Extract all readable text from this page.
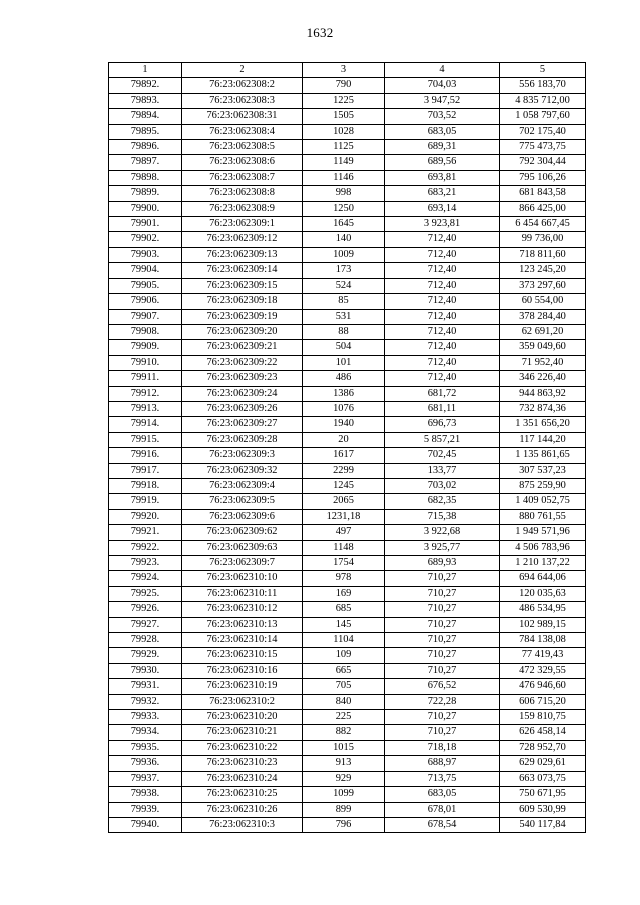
1632
1	2	3	4	5
79892.	76:23:062308:2	790	704,03	556 183,70
79893.	76:23:062308:3	1225	3 947,52	4 835 712,00
79894.	76:23:062308:31	1505	703,52	1 058 797,60
79895.	76:23:062308:4	1028	683,05	702 175,40
79896.	76:23:062308:5	1125	689,31	775 473,75
79897.	76:23:062308:6	1149	689,56	792 304,44
79898.	76:23:062308:7	1146	693,81	795 106,26
79899.	76:23:062308:8	998	683,21	681 843,58
79900.	76:23:062308:9	1250	693,14	866 425,00
79901.	76:23:062309:1	1645	3 923,81	6 454 667,45
79902.	76:23:062309:12	140	712,40	99 736,00
79903.	76:23:062309:13	1009	712,40	718 811,60
79904.	76:23:062309:14	173	712,40	123 245,20
79905.	76:23:062309:15	524	712,40	373 297,60
79906.	76:23:062309:18	85	712,40	60 554,00
79907.	76:23:062309:19	531	712,40	378 284,40
79908.	76:23:062309:20	88	712,40	62 691,20
79909.	76:23:062309:21	504	712,40	359 049,60
79910.	76:23:062309:22	101	712,40	71 952,40
79911.	76:23:062309:23	486	712,40	346 226,40
79912.	76:23:062309:24	1386	681,72	944 863,92
79913.	76:23:062309:26	1076	681,11	732 874,36
79914.	76:23:062309:27	1940	696,73	1 351 656,20
79915.	76:23:062309:28	20	5 857,21	117 144,20
79916.	76:23:062309:3	1617	702,45	1 135 861,65
79917.	76:23:062309:32	2299	133,77	307 537,23
79918.	76:23:062309:4	1245	703,02	875 259,90
79919.	76:23:062309:5	2065	682,35	1 409 052,75
79920.	76:23:062309:6	1231,18	715,38	880 761,55
79921.	76:23:062309:62	497	3 922,68	1 949 571,96
79922.	76:23:062309:63	1148	3 925,77	4 506 783,96
79923.	76:23:062309:7	1754	689,93	1 210 137,22
79924.	76:23:062310:10	978	710,27	694 644,06
79925.	76:23:062310:11	169	710,27	120 035,63
79926.	76:23:062310:12	685	710,27	486 534,95
79927.	76:23:062310:13	145	710,27	102 989,15
79928.	76:23:062310:14	1104	710,27	784 138,08
79929.	76:23:062310:15	109	710,27	77 419,43
79930.	76:23:062310:16	665	710,27	472 329,55
79931.	76:23:062310:19	705	676,52	476 946,60
79932.	76:23:062310:2	840	722,28	606 715,20
79933.	76:23:062310:20	225	710,27	159 810,75
79934.	76:23:062310:21	882	710,27	626 458,14
79935.	76:23:062310:22	1015	718,18	728 952,70
79936.	76:23:062310:23	913	688,97	629 029,61
79937.	76:23:062310:24	929	713,75	663 073,75
79938.	76:23:062310:25	1099	683,05	750 671,95
79939.	76:23:062310:26	899	678,01	609 530,99
79940.	76:23:062310:3	796	678,54	540 117,84
